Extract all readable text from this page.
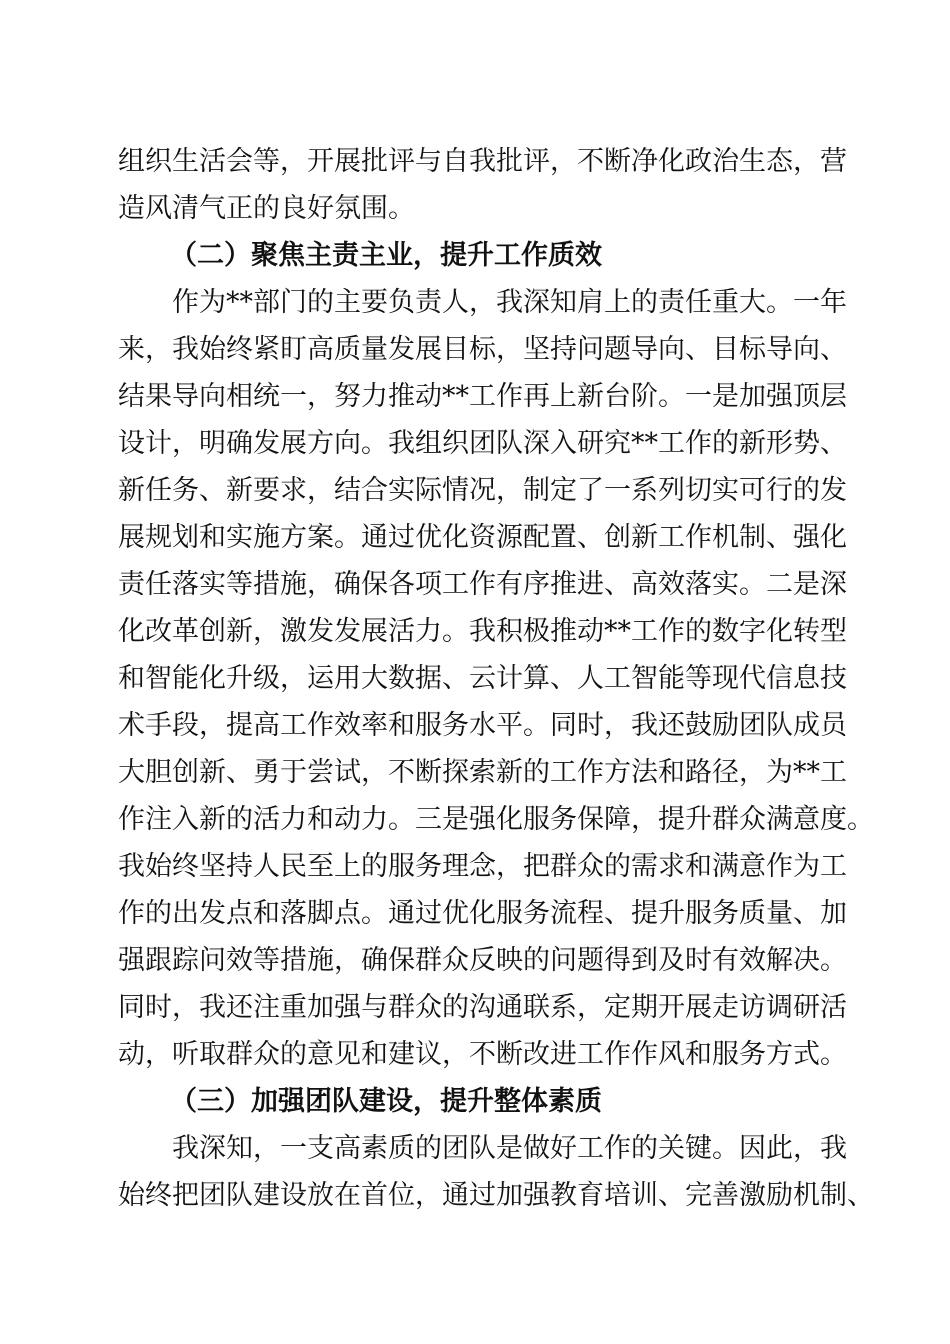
组织生活会等，开展批评与自我批评，不断净化政治生态，营
造风清气正的良好氛围。
（二）聚焦主责主业，提升工作质效
作为**部门的主要负责人，我深知肩上的责任重大。一年
来，我始终紧盯高质量发展目标，坚持问题导向、目标导向、
结果导向相统一，努力推动**工作再上新台阶。一是加强顶层
设计，明确发展方向。我组织团队深入研究**工作的新形势、
新任务、新要求，结合实际情况，制定了一系列切实可行的发
展规划和实施方案。通过优化资源配置、创新工作机制、强化
责任落实等措施，确保各项工作有序推进、高效落实。二是深
化改革创新，激发发展活力。我积极推动**工作的数字化转型
和智能化升级，运用大数据、云计算、人工智能等现代信息技
术手段，提高工作效率和服务水平。同时，我还鼓励团队成员
大胆创新、勇于尝试，不断探索新的工作方法和路径，为**工
作注入新的活力和动力。三是强化服务保障，提升群众满意度。
我始终坚持人民至上的服务理念，把群众的需求和满意作为工
作的出发点和落脚点。通过优化服务流程、提升服务质量、加
强跟踪问效等措施，确保群众反映的问题得到及时有效解决。
同时，我还注重加强与群众的沟通联系，定期开展走访调研活
动，听取群众的意见和建议，不断改进工作作风和服务方式。
（三）加强团队建设，提升整体素质
我深知，一支高素质的团队是做好工作的关键。因此，我
始终把团队建设放在首位，通过加强教育培训、完善激励机制、
